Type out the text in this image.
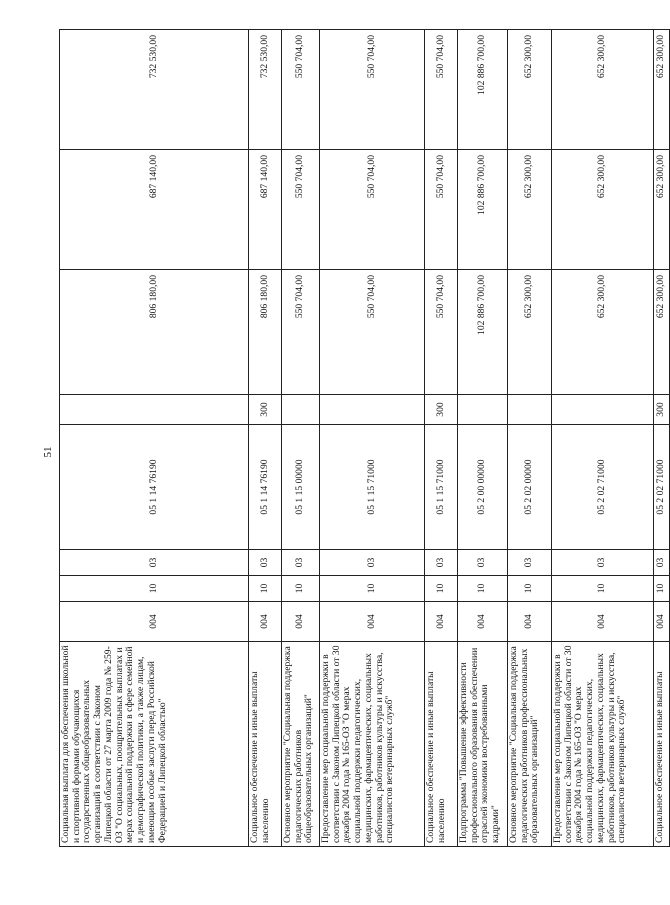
51
Социальная выплата для обеспечения школьной и спортивной формами обучающихся государственных общеобразовательных организаций в соответствии с Законом Липецкой области от 27 марта 2009 года № 259-ОЗ "О социальных, поощрительных выплатах и мерах социальной поддержки в сфере семейной и демографической политики, а также лицам, имеющим особые заслуги перед Российской Федерацией и Липецкой областью"	004	10	03	05 1 14 76190		806 180,00	687 140,00	732 530,00
Социальное обеспечение и иные выплаты населению	004	10	03	05 1 14 76190	300	806 180,00	687 140,00	732 530,00
Основное мероприятие "Социальная поддержка педагогических работников общеобразовательных организаций"	004	10	03	05 1 15 00000		550 704,00	550 704,00	550 704,00
Предоставление мер социальной поддержки в соответствии с Законом Липецкой области от 30 декабря 2004 года № 165-ОЗ "О мерах социальной поддержки педагогических, медицинских, фармацевтических, социальных работников, работников культуры и искусства, специалистов ветеринарных служб"	004	10	03	05 1 15 71000		550 704,00	550 704,00	550 704,00
Социальное обеспечение и иные выплаты населению	004	10	03	05 1 15 71000	300	550 704,00	550 704,00	550 704,00
Подпрограмма "Повышение эффективности профессионального образования в обеспечении отраслей экономики востребованными кадрами"	004	10	03	05 2 00 00000		102 886 700,00	102 886 700,00	102 886 700,00
Основное мероприятие "Социальная поддержка педагогических работников профессиональных образовательных организаций"	004	10	03	05 2 02 00000		652 300,00	652 300,00	652 300,00
Предоставление мер социальной поддержки в соответствии с Законом Липецкой области от 30 декабря 2004 года № 165-ОЗ "О мерах социальной поддержки педагогических, медицинских, фармацевтических, социальных работников, работников культуры и искусства, специалистов ветеринарных служб"	004	10	03	05 2 02 71000		652 300,00	652 300,00	652 300,00
Социальное обеспечение и иные выплаты	004	10	03	05 2 02 71000	300	652 300,00	652 300,00	652 300,00
